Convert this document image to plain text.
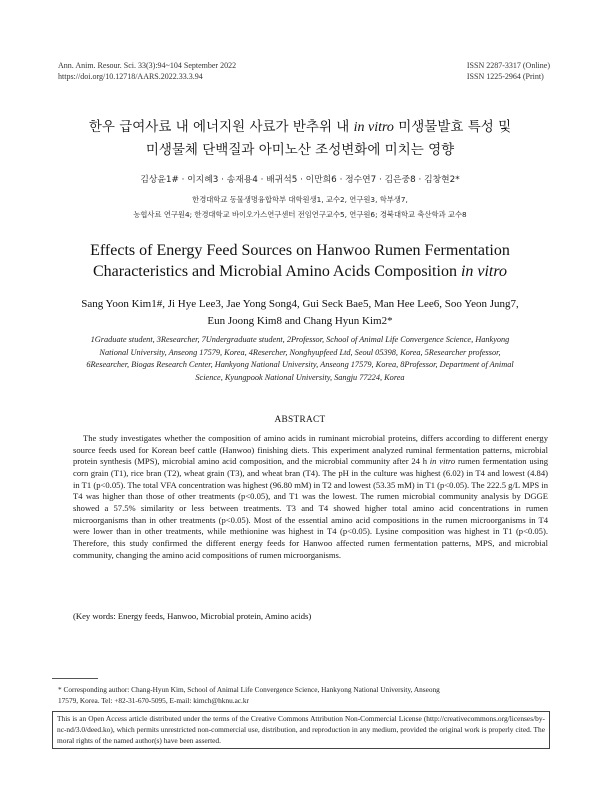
Ann. Anim. Resour. Sci. 33(3):94~104 September 2022
https://doi.org/10.12718/AARS.2022.33.3.94
ISSN 2287-3317 (Online)
ISSN 1225-2964 (Print)
한우 급여사료 내 에너지원 사료가 반추위 내 in vitro 미생물발효 특성 및
미생물체 단백질과 아미노산 조성변화에 미치는 영향
김상윤1# · 이지혜3 · 송재용4 · 배귀석5 · 이만희6 · 정수연7 · 김은중8 · 김창현2*
한경대학교 동물생명융합학부 대학원생1, 교수2, 연구원3, 학부생7,
농협사료 연구원4; 한경대학교 바이오가스연구센터 전임연구교수5, 연구원6; 경북대학교 축산학과 교수8
Effects of Energy Feed Sources on Hanwoo Rumen Fermentation
Characteristics and Microbial Amino Acids Composition in vitro
Sang Yoon Kim1#, Ji Hye Lee3, Jae Yong Song4, Gui Seck Bae5, Man Hee Lee6, Soo Yeon Jung7,
Eun Joong Kim8 and Chang Hyun Kim2*
1Graduate student, 3Researcher, 7Undergraduate student, 2Professor, School of Animal Life Convergence Science, Hankyong
National University, Anseong 17579, Korea, 4Resercher, Nonghyupfeed Ltd, Seoul 05398, Korea, 5Researcher professor,
6Researcher, Biogas Research Center, Hankyong National University, Anseong 17579, Korea, 8Professor, Department of Animal
Science, Kyungpook National University, Sangju 77224, Korea
ABSTRACT
The study investigates whether the composition of amino acids in ruminant microbial proteins, differs according to different energy source feeds used for Korean beef cattle (Hanwoo) finishing diets. This experiment analyzed ruminal fermentation patterns, microbial protein synthesis (MPS), microbial amino acid composition, and the microbial community after 24 h in vitro rumen fermentation using corn grain (T1), rice bran (T2), wheat grain (T3), and wheat bran (T4). The pH in the culture was highest (6.02) in T4 and lowest (4.84) in T1 (p<0.05). The total VFA concentration was highest (96.80 mM) in T2 and lowest (53.35 mM) in T1 (p<0.05). The 222.5 g/L MPS in T4 was higher than those of other treatments (p<0.05), and T1 was the lowest. The rumen microbial community analysis by DGGE showed a 57.5% similarity or less between treatments. T3 and T4 showed higher total amino acid concentrations in rumen microorganisms than in other treatments (p<0.05). Most of the essential amino acid compositions in the rumen microorganisms in T4 were lower than in other treatments, while methionine was highest in T4 (p<0.05). Lysine composition was highest in T1 (p<0.05). Therefore, this study confirmed the different energy feeds for Hanwoo affected rumen fermentation patterns, MPS, and microbial community, changing the amino acid compositions of rumen microorganisms.
(Key words: Energy feeds, Hanwoo, Microbial protein, Amino acids)
* Corresponding author: Chang-Hyun Kim, School of Animal Life Convergence Science, Hankyong National University, Anseong
17579, Korea. Tel: +82-31-670-5095, E-mail: kimch@hknu.ac.kr
This is an Open Access article distributed under the terms of the Creative Commons Attribution Non-Commercial License (http://creativecommons.org/licenses/by-nc-nd/3.0/deed.ko), which permits unrestricted non-commercial use, distribution, and reproduction in any medium, provided the original work is properly cited. The moral rights of the named author(s) have been asserted.
